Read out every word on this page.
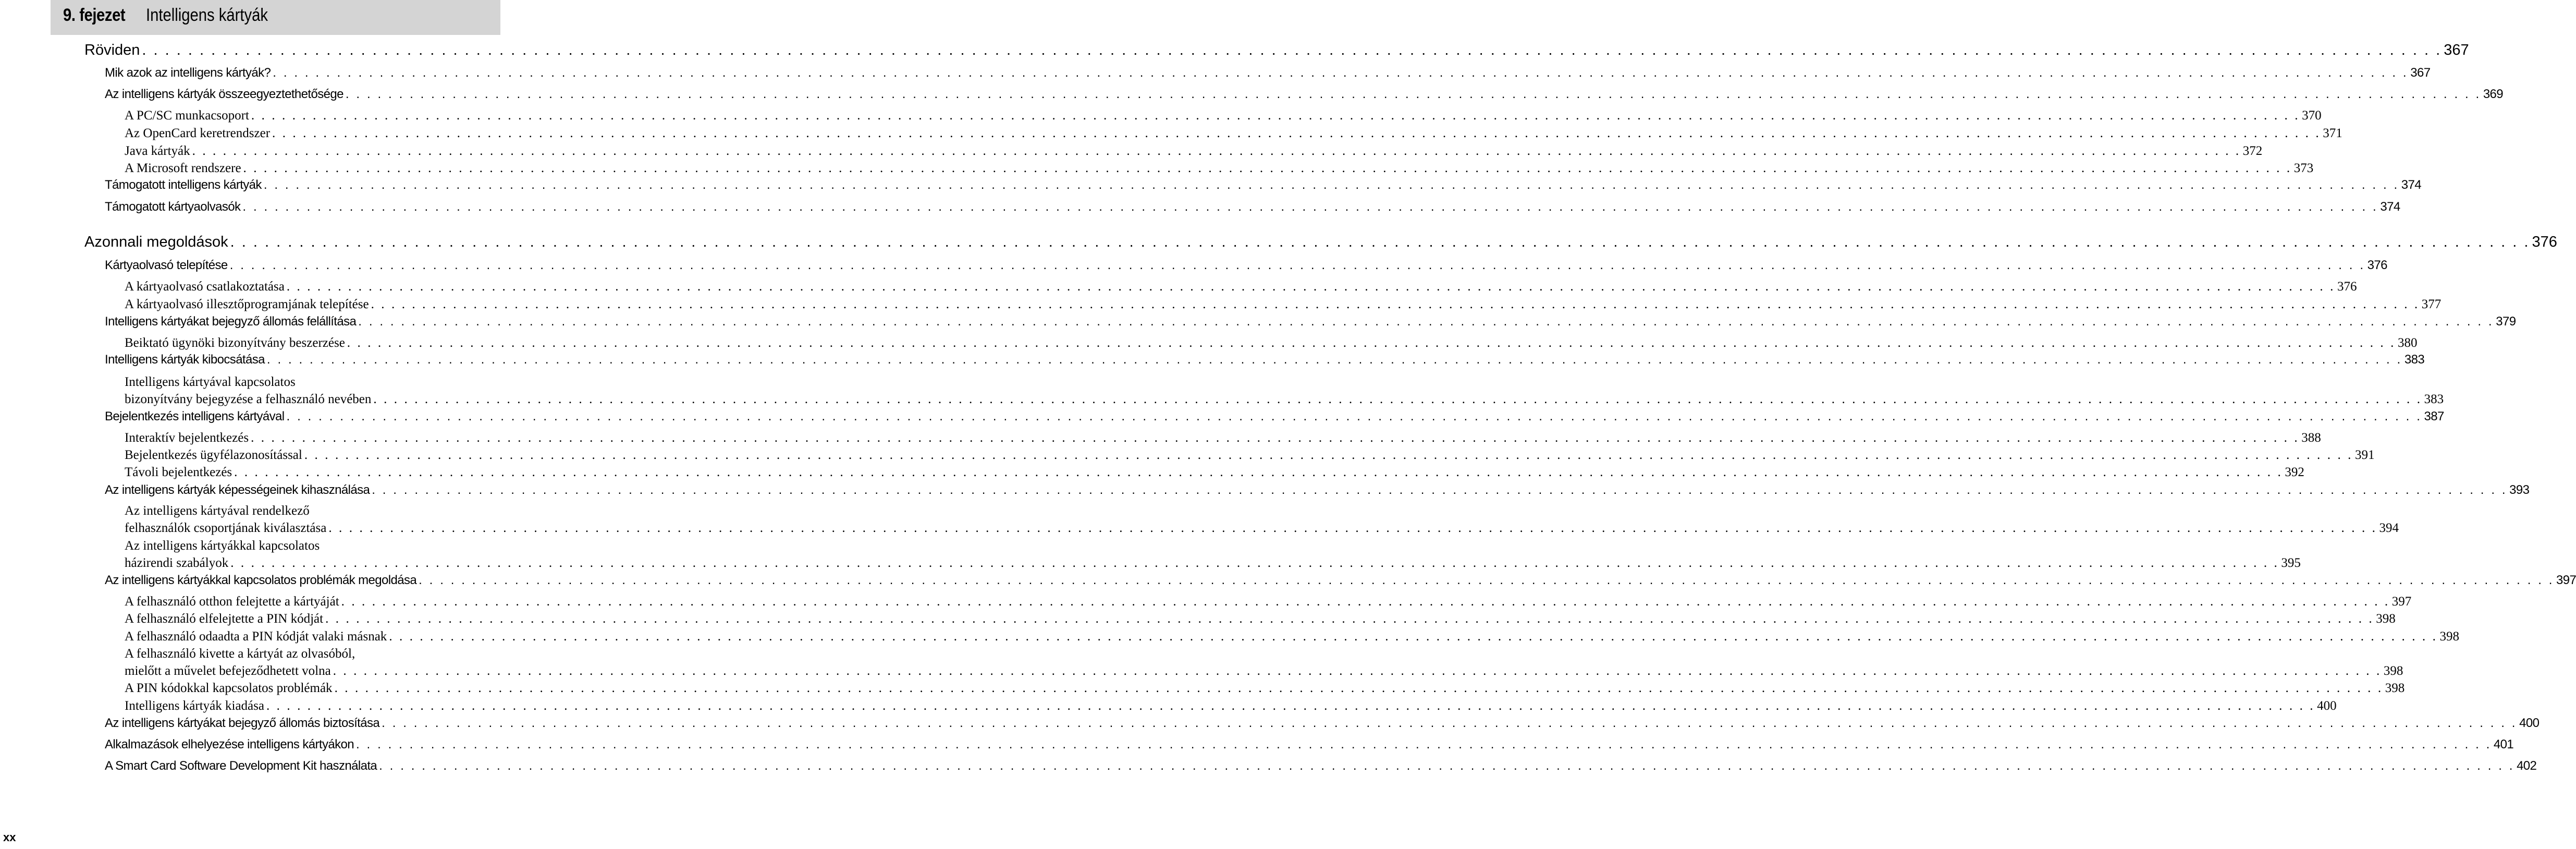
9. fejezet Intelligens kártyák
Röviden . . . . . . . . . . . . . . . . . . . . . . . . . . . . . . . . . . . . . . . . . . . . . . . . . . . . . . . . . . . . . . . . . . . . . . . . . . . . . . . . . . . . . . . . . . . . . . . . . . . . . . . . . . . . . . . . . . . . . . . . . . . . . . . . . . . . . . . . . . . . . . . . . . . . . . . . . . . . . . . . . . . . . . . . . . . . . . . . . . . . . . . . . . . . . . . . . . . . . . . . 367
Mik azok az intelligens kártyák? . . . . . . . . . . . . . . . . . . . . . . . . . . . . . . . . . . . . . . . . . . . . . . . . . . . . . . . . . . . . . . . . . . . . . . . . . . . . . . . . . . . . . . . . . . . . . . . . . . . . . . . . . . . . . . . . . . . . . . . . . . . . . . . . . . . . . . . . . . . . . . . . . . . . . . . . . . . . . . . . . . . . . . . . . . . . . . . . . . . . . . . . . . . . . . . . . . . . . . . . 367
Az intelligens kártyák összeegyeztethetősége . . . . . . . . . . . . . . . . . . . . . . . . . . . . . . . . . . . . . . . . . . . . . . . . . . . . . . . . . . . . . . . . . . . . . . . . . . . . . . . . . . . . . . . . . . . . . . . . . . . . . . . . . . . . . . . . . . . . . . . . . . . . . . . . . . . . . . . . . . . . . . . . . . . . . . . . . . . . . . . . . . . . . . . . . . . . . . . . . . . . . . . . . . . . . . . . . . . . . . . . 369
A PC/SC munkacsoport . . . . . . . . . . . . . . . . . . . . . . . . . . . . . . . . . . . . . . . . . . . . . . . . . . . . . . . . . . . . . . . . . . . . . . . . . . . . . . . . . . . . . . . . . . . . . . . . . . . . . . . . . . . . . . . . . . . . . . . . . . . . . . . . . . . . . . . . . . . . . . . . . . . . . . . . . . . . . . . . . . . . . . . . . . . . . . . . . . . . . . . . . . . . . . . . . . . . . . . . 370
Az OpenCard keretrendszer . . . . . . . . . . . . . . . . . . . . . . . . . . . . . . . . . . . . . . . . . . . . . . . . . . . . . . . . . . . . . . . . . . . . . . . . . . . . . . . . . . . . . . . . . . . . . . . . . . . . . . . . . . . . . . . . . . . . . . . . . . . . . . . . . . . . . . . . . . . . . . . . . . . . . . . . . . . . . . . . . . . . . . . . . . . . . . . . . . . . . . . . . . . . . . . . . . . . . . . . 371
Java kártyák . . . . . . . . . . . . . . . . . . . . . . . . . . . . . . . . . . . . . . . . . . . . . . . . . . . . . . . . . . . . . . . . . . . . . . . . . . . . . . . . . . . . . . . . . . . . . . . . . . . . . . . . . . . . . . . . . . . . . . . . . . . . . . . . . . . . . . . . . . . . . . . . . . . . . . . . . . . . . . . . . . . . . . . . . . . . . . . . . . . . . . . . . . . . . . . . . . . . . . . . 372
A Microsoft rendszere . . . . . . . . . . . . . . . . . . . . . . . . . . . . . . . . . . . . . . . . . . . . . . . . . . . . . . . . . . . . . . . . . . . . . . . . . . . . . . . . . . . . . . . . . . . . . . . . . . . . . . . . . . . . . . . . . . . . . . . . . . . . . . . . . . . . . . . . . . . . . . . . . . . . . . . . . . . . . . . . . . . . . . . . . . . . . . . . . . . . . . . . . . . . . . . . . . . . . . . . 373
Támogatott intelligens kártyák . . . . . . . . . . . . . . . . . . . . . . . . . . . . . . . . . . . . . . . . . . . . . . . . . . . . . . . . . . . . . . . . . . . . . . . . . . . . . . . . . . . . . . . . . . . . . . . . . . . . . . . . . . . . . . . . . . . . . . . . . . . . . . . . . . . . . . . . . . . . . . . . . . . . . . . . . . . . . . . . . . . . . . . . . . . . . . . . . . . . . . . . . . . . . . . . . . . . . . . . 374
Támogatott kártyaolvasók . . . . . . . . . . . . . . . . . . . . . . . . . . . . . . . . . . . . . . . . . . . . . . . . . . . . . . . . . . . . . . . . . . . . . . . . . . . . . . . . . . . . . . . . . . . . . . . . . . . . . . . . . . . . . . . . . . . . . . . . . . . . . . . . . . . . . . . . . . . . . . . . . . . . . . . . . . . . . . . . . . . . . . . . . . . . . . . . . . . . . . . . . . . . . . . . . . . . . . . . 374
Azonnali megoldások . . . . . . . . . . . . . . . . . . . . . . . . . . . . . . . . . . . . . . . . . . . . . . . . . . . . . . . . . . . . . . . . . . . . . . . . . . . . . . . . . . . . . . . . . . . . . . . . . . . . . . . . . . . . . . . . . . . . . . . . . . . . . . . . . . . . . . . . . . . . . . . . . . . . . . . . . . . . . . . . . . . . . . . . . . . . . . . . . . . . . . . . . . . . . . . . . . . . . . . . 376
Kártyaolvasó telepítése . . . . . . . . . . . . . . . . . . . . . . . . . . . . . . . . . . . . . . . . . . . . . . . . . . . . . . . . . . . . . . . . . . . . . . . . . . . . . . . . . . . . . . . . . . . . . . . . . . . . . . . . . . . . . . . . . . . . . . . . . . . . . . . . . . . . . . . . . . . . . . . . . . . . . . . . . . . . . . . . . . . . . . . . . . . . . . . . . . . . . . . . . . . . . . . . . . . . . . . . 376
A kártyaolvasó csatlakoztatása . . . . . . . . . . . . . . . . . . . . . . . . . . . . . . . . . . . . . . . . . . . . . . . . . . . . . . . . . . . . . . . . . . . . . . . . . . . . . . . . . . . . . . . . . . . . . . . . . . . . . . . . . . . . . . . . . . . . . . . . . . . . . . . . . . . . . . . . . . . . . . . . . . . . . . . . . . . . . . . . . . . . . . . . . . . . . . . . . . . . . . . . . . . . . . . . . . . . . . . . 376
A kártyaolvasó illesztőprogramjának telepítése . . . . . . . . . . . . . . . . . . . . . . . . . . . . . . . . . . . . . . . . . . . . . . . . . . . . . . . . . . . . . . . . . . . . . . . . . . . . . . . . . . . . . . . . . . . . . . . . . . . . . . . . . . . . . . . . . . . . . . . . . . . . . . . . . . . . . . . . . . . . . . . . . . . . . . . . . . . . . . . . . . . . . . . . . . . . . . . . . . . . . . . . . . . . . . . . . . . . . . . . 377
Intelligens kártyákat bejegyző állomás felállítása . . . . . . . . . . . . . . . . . . . . . . . . . . . . . . . . . . . . . . . . . . . . . . . . . . . . . . . . . . . . . . . . . . . . . . . . . . . . . . . . . . . . . . . . . . . . . . . . . . . . . . . . . . . . . . . . . . . . . . . . . . . . . . . . . . . . . . . . . . . . . . . . . . . . . . . . . . . . . . . . . . . . . . . . . . . . . . . . . . . . . . . . . . . . . . . . . . . . . . . . 379
Beiktató ügynöki bizonyítvány beszerzése . . . . . . . . . . . . . . . . . . . . . . . . . . . . . . . . . . . . . . . . . . . . . . . . . . . . . . . . . . . . . . . . . . . . . . . . . . . . . . . . . . . . . . . . . . . . . . . . . . . . . . . . . . . . . . . . . . . . . . . . . . . . . . . . . . . . . . . . . . . . . . . . . . . . . . . . . . . . . . . . . . . . . . . . . . . . . . . . . . . . . . . . . . . . . . . . . . . . . . . . 380
Intelligens kártyák kibocsátása . . . . . . . . . . . . . . . . . . . . . . . . . . . . . . . . . . . . . . . . . . . . . . . . . . . . . . . . . . . . . . . . . . . . . . . . . . . . . . . . . . . . . . . . . . . . . . . . . . . . . . . . . . . . . . . . . . . . . . . . . . . . . . . . . . . . . . . . . . . . . . . . . . . . . . . . . . . . . . . . . . . . . . . . . . . . . . . . . . . . . . . . . . . . . . . . . . . . . . . . 383
Intelligens kártyával kapcsolatos
bizonyítvány bejegyzése a felhasználó nevében . . . . . . . . . . . . . . . . . . . . . . . . . . . . . . . . . . . . . . . . . . . . . . . . . . . . . . . . . . . . . . . . . . . . . . . . . . . . . . . . . . . . . . . . . . . . . . . . . . . . . . . . . . . . . . . . . . . . . . . . . . . . . . . . . . . . . . . . . . . . . . . . . . . . . . . . . . . . . . . . . . . . . . . . . . . . . . . . . . . . . . . . . . . . . . . . . . . . . . . . 383
Bejelentkezés intelligens kártyával . . . . . . . . . . . . . . . . . . . . . . . . . . . . . . . . . . . . . . . . . . . . . . . . . . . . . . . . . . . . . . . . . . . . . . . . . . . . . . . . . . . . . . . . . . . . . . . . . . . . . . . . . . . . . . . . . . . . . . . . . . . . . . . . . . . . . . . . . . . . . . . . . . . . . . . . . . . . . . . . . . . . . . . . . . . . . . . . . . . . . . . . . . . . . . . . . . . . . . . . 387
Interaktív bejelentkezés . . . . . . . . . . . . . . . . . . . . . . . . . . . . . . . . . . . . . . . . . . . . . . . . . . . . . . . . . . . . . . . . . . . . . . . . . . . . . . . . . . . . . . . . . . . . . . . . . . . . . . . . . . . . . . . . . . . . . . . . . . . . . . . . . . . . . . . . . . . . . . . . . . . . . . . . . . . . . . . . . . . . . . . . . . . . . . . . . . . . . . . . . . . . . . . . . . . . . . . . 388
Bejelentkezés ügyfélazonosítással . . . . . . . . . . . . . . . . . . . . . . . . . . . . . . . . . . . . . . . . . . . . . . . . . . . . . . . . . . . . . . . . . . . . . . . . . . . . . . . . . . . . . . . . . . . . . . . . . . . . . . . . . . . . . . . . . . . . . . . . . . . . . . . . . . . . . . . . . . . . . . . . . . . . . . . . . . . . . . . . . . . . . . . . . . . . . . . . . . . . . . . . . . . . . . . . . . . . . . . . 391
Távoli bejelentkezés . . . . . . . . . . . . . . . . . . . . . . . . . . . . . . . . . . . . . . . . . . . . . . . . . . . . . . . . . . . . . . . . . . . . . . . . . . . . . . . . . . . . . . . . . . . . . . . . . . . . . . . . . . . . . . . . . . . . . . . . . . . . . . . . . . . . . . . . . . . . . . . . . . . . . . . . . . . . . . . . . . . . . . . . . . . . . . . . . . . . . . . . . . . . . . . . . . . . . . . . 392
Az intelligens kártyák képességeinek kihasználása . . . . . . . . . . . . . . . . . . . . . . . . . . . . . . . . . . . . . . . . . . . . . . . . . . . . . . . . . . . . . . . . . . . . . . . . . . . . . . . . . . . . . . . . . . . . . . . . . . . . . . . . . . . . . . . . . . . . . . . . . . . . . . . . . . . . . . . . . . . . . . . . . . . . . . . . . . . . . . . . . . . . . . . . . . . . . . . . . . . . . . . . . . . . . . . . . . . . . . . . 393
Az intelligens kártyával rendelkező
felhasználók csoportjának kiválasztása . . . . . . . . . . . . . . . . . . . . . . . . . . . . . . . . . . . . . . . . . . . . . . . . . . . . . . . . . . . . . . . . . . . . . . . . . . . . . . . . . . . . . . . . . . . . . . . . . . . . . . . . . . . . . . . . . . . . . . . . . . . . . . . . . . . . . . . . . . . . . . . . . . . . . . . . . . . . . . . . . . . . . . . . . . . . . . . . . . . . . . . . . . . . . . . . . . . . . . . . 394
Az intelligens kártyákkal kapcsolatos
házirendi szabályok . . . . . . . . . . . . . . . . . . . . . . . . . . . . . . . . . . . . . . . . . . . . . . . . . . . . . . . . . . . . . . . . . . . . . . . . . . . . . . . . . . . . . . . . . . . . . . . . . . . . . . . . . . . . . . . . . . . . . . . . . . . . . . . . . . . . . . . . . . . . . . . . . . . . . . . . . . . . . . . . . . . . . . . . . . . . . . . . . . . . . . . . . . . . . . . . . . . . . . . . 395
Az intelligens kártyákkal kapcsolatos problémák megoldása . . . . . . . . . . . . . . . . . . . . . . . . . . . . . . . . . . . . . . . . . . . . . . . . . . . . . . . . . . . . . . . . . . . . . . . . . . . . . . . . . . . . . . . . . . . . . . . . . . . . . . . . . . . . . . . . . . . . . . . . . . . . . . . . . . . . . . . . . . . . . . . . . . . . . . . . . . . . . . . . . . . . . . . . . . . . . . . . . . . . . . . . . . . . . . . . . . . . . . . . 397
A felhasználó otthon felejtette a kártyáját . . . . . . . . . . . . . . . . . . . . . . . . . . . . . . . . . . . . . . . . . . . . . . . . . . . . . . . . . . . . . . . . . . . . . . . . . . . . . . . . . . . . . . . . . . . . . . . . . . . . . . . . . . . . . . . . . . . . . . . . . . . . . . . . . . . . . . . . . . . . . . . . . . . . . . . . . . . . . . . . . . . . . . . . . . . . . . . . . . . . . . . . . . . . . . . . . . . . . . . . 397
A felhasználó elfelejtette a PIN kódját . . . . . . . . . . . . . . . . . . . . . . . . . . . . . . . . . . . . . . . . . . . . . . . . . . . . . . . . . . . . . . . . . . . . . . . . . . . . . . . . . . . . . . . . . . . . . . . . . . . . . . . . . . . . . . . . . . . . . . . . . . . . . . . . . . . . . . . . . . . . . . . . . . . . . . . . . . . . . . . . . . . . . . . . . . . . . . . . . . . . . . . . . . . . . . . . . . . . . . . . 398
A felhasználó odaadta a PIN kódját valaki másnak . . . . . . . . . . . . . . . . . . . . . . . . . . . . . . . . . . . . . . . . . . . . . . . . . . . . . . . . . . . . . . . . . . . . . . . . . . . . . . . . . . . . . . . . . . . . . . . . . . . . . . . . . . . . . . . . . . . . . . . . . . . . . . . . . . . . . . . . . . . . . . . . . . . . . . . . . . . . . . . . . . . . . . . . . . . . . . . . . . . . . . . . . . . . . . . . . . . . . . . . 398
A felhasználó kivette a kártyát az olvasóból,
mielőtt a művelet befejeződhetett volna . . . . . . . . . . . . . . . . . . . . . . . . . . . . . . . . . . . . . . . . . . . . . . . . . . . . . . . . . . . . . . . . . . . . . . . . . . . . . . . . . . . . . . . . . . . . . . . . . . . . . . . . . . . . . . . . . . . . . . . . . . . . . . . . . . . . . . . . . . . . . . . . . . . . . . . . . . . . . . . . . . . . . . . . . . . . . . . . . . . . . . . . . . . . . . . . . . . . . . . . 398
A PIN kódokkal kapcsolatos problémák . . . . . . . . . . . . . . . . . . . . . . . . . . . . . . . . . . . . . . . . . . . . . . . . . . . . . . . . . . . . . . . . . . . . . . . . . . . . . . . . . . . . . . . . . . . . . . . . . . . . . . . . . . . . . . . . . . . . . . . . . . . . . . . . . . . . . . . . . . . . . . . . . . . . . . . . . . . . . . . . . . . . . . . . . . . . . . . . . . . . . . . . . . . . . . . . . . . . . . . . 398
Intelligens kártyák kiadása . . . . . . . . . . . . . . . . . . . . . . . . . . . . . . . . . . . . . . . . . . . . . . . . . . . . . . . . . . . . . . . . . . . . . . . . . . . . . . . . . . . . . . . . . . . . . . . . . . . . . . . . . . . . . . . . . . . . . . . . . . . . . . . . . . . . . . . . . . . . . . . . . . . . . . . . . . . . . . . . . . . . . . . . . . . . . . . . . . . . . . . . . . . . . . . . . . . . . . . . 400
Az intelligens kártyákat bejegyző állomás biztosítása . . . . . . . . . . . . . . . . . . . . . . . . . . . . . . . . . . . . . . . . . . . . . . . . . . . . . . . . . . . . . . . . . . . . . . . . . . . . . . . . . . . . . . . . . . . . . . . . . . . . . . . . . . . . . . . . . . . . . . . . . . . . . . . . . . . . . . . . . . . . . . . . . . . . . . . . . . . . . . . . . . . . . . . . . . . . . . . . . . . . . . . . . . . . . . . . . . . . . . . . 400
Alkalmazások elhelyezése intelligens kártyákon . . . . . . . . . . . . . . . . . . . . . . . . . . . . . . . . . . . . . . . . . . . . . . . . . . . . . . . . . . . . . . . . . . . . . . . . . . . . . . . . . . . . . . . . . . . . . . . . . . . . . . . . . . . . . . . . . . . . . . . . . . . . . . . . . . . . . . . . . . . . . . . . . . . . . . . . . . . . . . . . . . . . . . . . . . . . . . . . . . . . . . . . . . . . . . . . . . . . . . . . 401
A Smart Card Software Development Kit használata . . . . . . . . . . . . . . . . . . . . . . . . . . . . . . . . . . . . . . . . . . . . . . . . . . . . . . . . . . . . . . . . . . . . . . . . . . . . . . . . . . . . . . . . . . . . . . . . . . . . . . . . . . . . . . . . . . . . . . . . . . . . . . . . . . . . . . . . . . . . . . . . . . . . . . . . . . . . . . . . . . . . . . . . . . . . . . . . . . . . . . . . . . . . . . . . . . . . . . . . 402
xx
